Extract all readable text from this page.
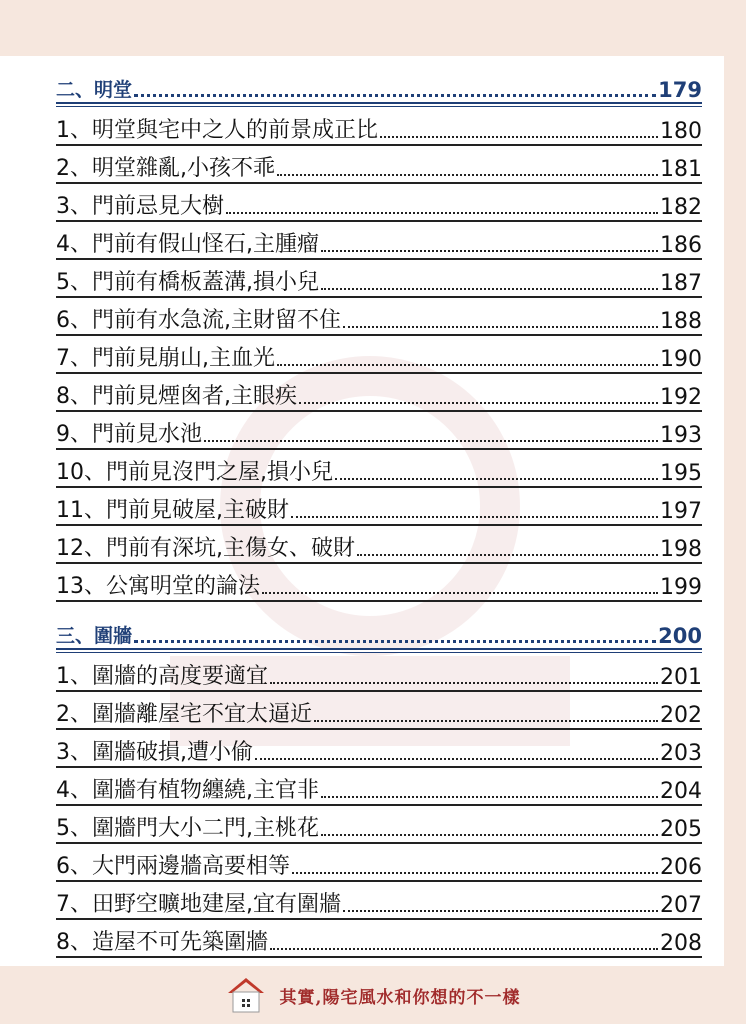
二、明堂	179
1、明堂與宅中之人的前景成正比	180
2、明堂雜亂,小孩不乖	181
3、門前忌見大樹	182
4、門前有假山怪石,主腫瘤	186
5、門前有橋板蓋溝,損小兒	187
6、門前有水急流,主財留不住	188
7、門前見崩山,主血光	190
8、門前見煙囪者,主眼疾	192
9、門前見水池	193
10、門前見沒門之屋,損小兒	195
11、門前見破屋,主破財	197
12、門前有深坑,主傷女、破財	198
13、公寓明堂的論法	199
三、圍牆	200
1、圍牆的高度要適宜	201
2、圍牆離屋宅不宜太逼近	202
3、圍牆破損,遭小偷	203
4、圍牆有植物纏繞,主官非	204
5、圍牆門大小二門,主桃花	205
6、大門兩邊牆高要相等	206
7、田野空曠地建屋,宜有圍牆	207
8、造屋不可先築圍牆	208
其實,陽宅風水和你想的不一樣
